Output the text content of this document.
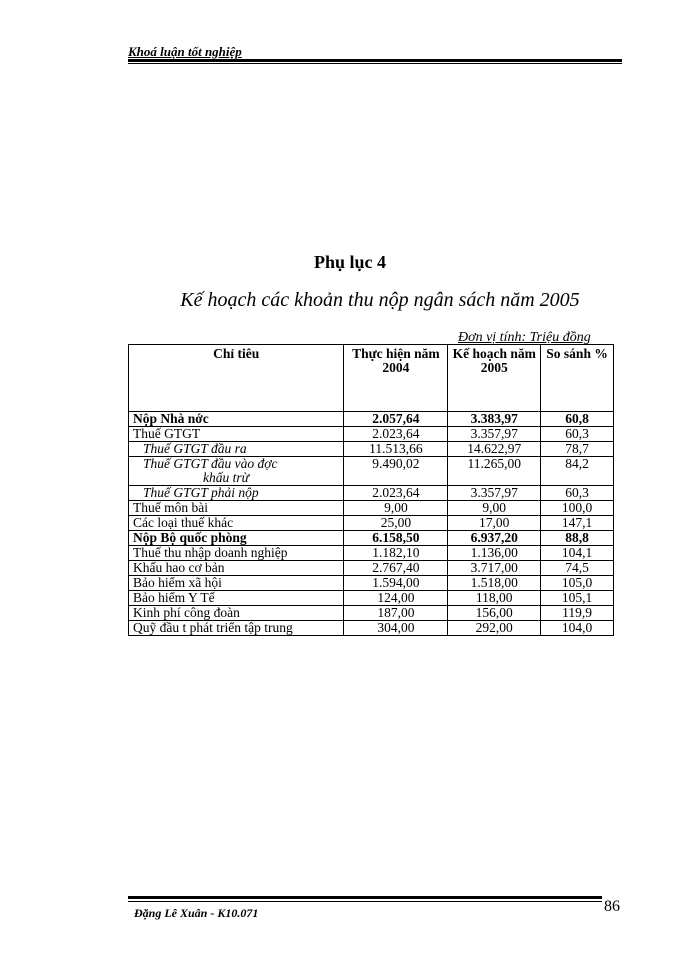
Khoá luận tốt nghiệp
Phụ lục 4
Kế hoạch các khoản thu nộp ngân sách năm 2005
Đơn vị tính: Triệu đồng
Chỉ tiêu	Thực hiện năm 2004	Kế hoạch năm 2005	So sánh %
Nộp Nhà nớc	2.057,64	3.383,97	60,8
Thuế GTGT	2.023,64	3.357,97	60,3
Thuế GTGT đầu ra	11.513,66	14.622,97	78,7
Thuế GTGT đầu vào đợc
khấu trừ	9.490,02	11.265,00	84,2
Thuế GTGT phải nộp	2.023,64	3.357,97	60,3
Thuế môn bài	9,00	9,00	100,0
Các loại thuế khác	25,00	17,00	147,1
Nộp Bộ quốc phòng	6.158,50	6.937,20	88,8
Thuế thu nhập doanh nghiệp	1.182,10	1.136,00	104,1
Khấu hao cơ bản	2.767,40	3.717,00	74,5
Bảo hiểm xã hội	1.594,00	1.518,00	105,0
Bảo hiểm Y Tế	124,00	118,00	105,1
Kinh phí công đoàn	187,00	156,00	119,9
Quỹ đầu t phát triển tập trung	304,00	292,00	104,0
Đặng Lê Xuân - K10.071	86
